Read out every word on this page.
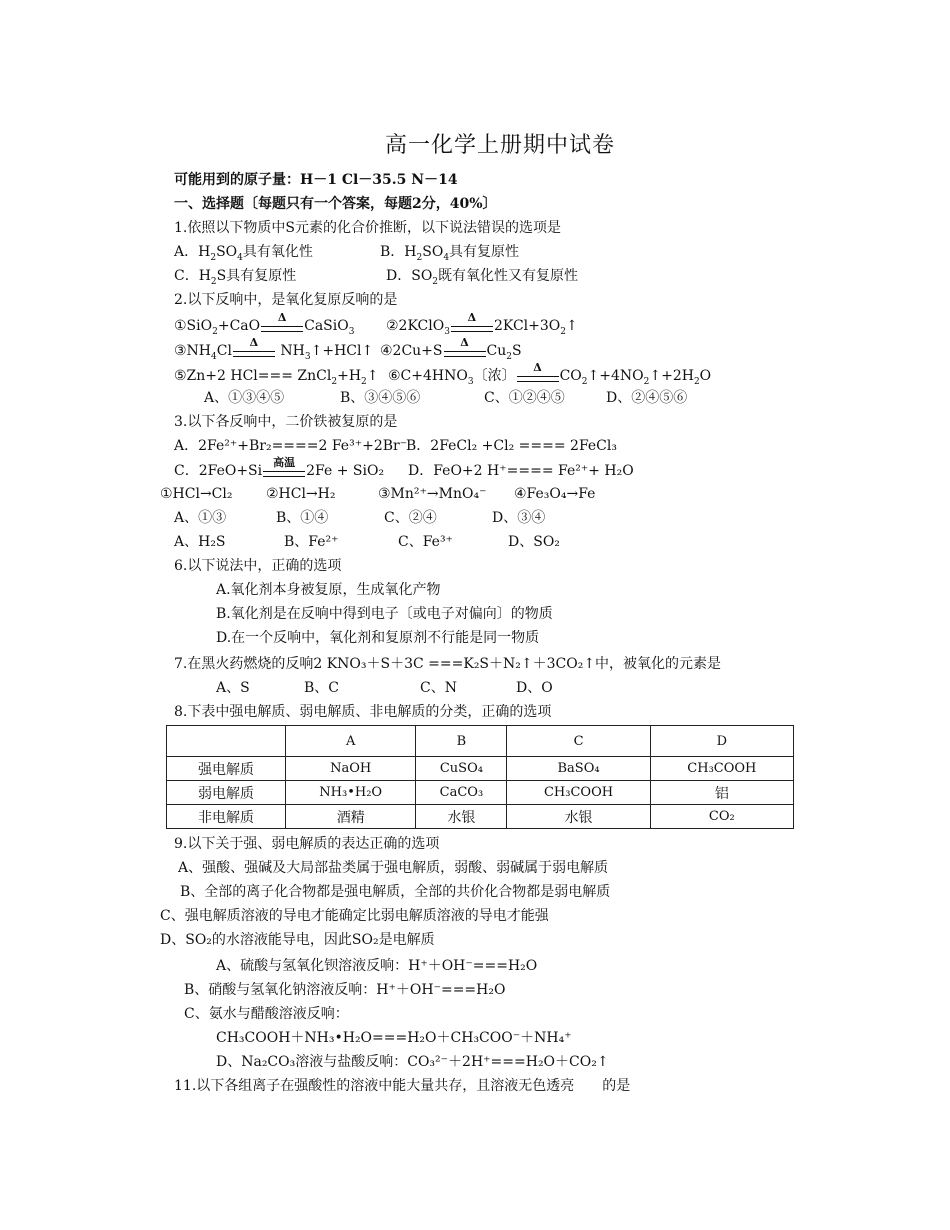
高一化学上册期中试卷
可能用到的原子量：H－1 Cl－35.5 N－14
一、选择题〔每题只有一个答案，每题2分，40%〕
1.依照以下物质中S元素的化合价推断，以下说法错误的选项是
A．$H_2SO_4$具有氧化性	B．$H_2SO_4$具有复原性
C．$H_2S$具有复原性	D．$SO_2$既有氧化性又有复原性
2.以下反响中，是氧化复原反响的是
①SiO$_2$+CaO
Δ
CaSiO$_3$ ②2KClO$_3$
Δ
$2KCl+3O_2↑$
$③NH_4Cl$
Δ
$NH_3↑+HCl↑$ ④2Cu+S
Δ
$Cu_2S$
⑤Zn+2 $HCl=== ZnCl_2+H_2↑$ $⑥C+4HNO_3$〔浓〕
Δ
$CO_2↑+4NO_2↑+2H_2O$
A、①③④⑤	B、③④⑤⑥	C、①②④⑤	D、②④⑤⑥
3.以下各反响中，二价铁被复原的是
A．2Fe²⁺+Br₂====2 Fe³⁺+2Br⁻
B．2FeCl₂ +Cl₂ ==== 2FeCl₃
C．2FeO+Si
高温
2Fe + SiO₂ D．FeO+2 H⁺==== Fe²⁺+ H₂O
①HCl→Cl₂ ②HCl→H₂	③Mn²⁺→MnO₄⁻ ④Fe₃O₄→Fe
A、①③	B、①④	C、②④	D、③④
A、H₂S	B、Fe²⁺	C、Fe³⁺	D、SO₂
6.以下说法中，正确的选项
A.氧化剂本身被复原，生成氧化产物
B.氧化剂是在反响中得到电子〔或电子对偏向〕的物质
D.在一个反响中，氧化剂和复原剂不行能是同一物质
7.在黑火药燃烧的反响2 KNO₃＋S＋3C ===K₂S＋N₂↑＋3CO₂↑中，被氧化的元素是
A、S	B、C	C、N	D、O
8.下表中强电解质、弱电解质、非电解质的分类，正确的选项
	A	B	C	D
强电解质	NaOH	CuSO₄	BaSO₄	CH₃COOH
弱电解质	NH₃•H₂O	CaCO₃	CH₃COOH	铝
非电解质	酒精	水银	水银	CO₂
9.以下关于强、弱电解质的表达正确的选项
A、强酸、强碱及大局部盐类属于强电解质，弱酸、弱碱属于弱电解质
B、全部的离子化合物都是强电解质，全部的共价化合物都是弱电解质
C、强电解质溶液的导电才能确定比弱电解质溶液的导电才能强
D、SO₂的水溶液能导电，因此SO₂是电解质
A、硫酸与氢氧化钡溶液反响：H⁺＋OH⁻===H₂O
B、硝酸与氢氧化钠溶液反响：H⁺＋OH⁻===H₂O
C、氨水与醋酸溶液反响：
CH₃COOH＋NH₃•H₂O===H₂O＋CH₃COO⁻＋NH₄⁺
D、Na₂CO₃溶液与盐酸反响：CO₃²⁻＋2H⁺===H₂O＋CO₂↑
11.以下各组离子在强酸性的溶液中能大量共存，且溶液无色透亮　　的是
